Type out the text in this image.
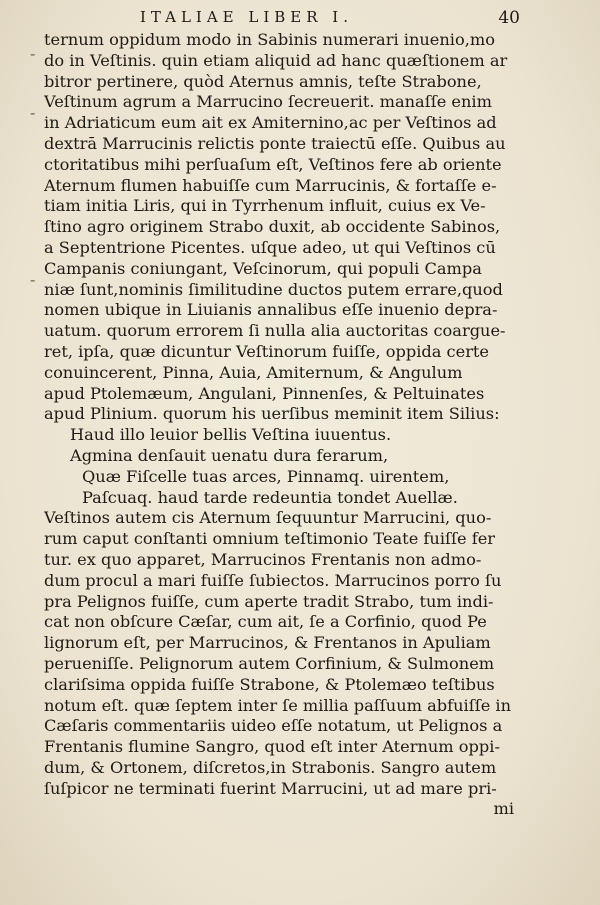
ITALIAE LIBER I.	40
-
-
-
ternum oppidum modo in Sabinis numerari inuenio,mo
do in Veſtinis. quin etiam aliquid ad hanc quæſtionem ar
bitror pertinere, quòd Aternus amnis, teſte Strabone,
Veſtinum agrum a Marrucino ſecreuerit. manaſſe enim
in Adriaticum eum ait ex Amiternino,ac per Veſtinos ad
dextrā Marrucinis relictis ponte traiectū eſſe. Quibus au
ctoritatibus mihi perſuaſum eſt, Veſtinos fere ab oriente
Aternum flumen habuiſſe cum Marrucinis, & fortaſſe e-
tiam initia Liris, qui in Tyrrhenum influit, cuius ex Ve-
ſtino agro originem Strabo duxit, ab occidente Sabinos,
a Septentrione Picentes. uſque adeo, ut qui Veſtinos cū
Campanis coniungant, Veſcinorum, qui populi Campa
niæ ſunt,nominis ſimilitudine ductos putem errare,quod
nomen ubique in Liuianis annalibus eſſe inuenio depra-
uatum. quorum errorem ſi nulla alia auctoritas coargue-
ret, ipſa, quæ dicuntur Veſtinorum fuiſſe, oppida certe
conuincerent, Pinna, Auia, Amiternum, & Angulum
apud Ptolemæum, Angulani, Pinnenſes, & Peltuinates
apud Plinium. quorum his uerſibus meminit item Silius:
Haud illo leuior bellis Veſtina iuuentus.
Agmina denſauit uenatu dura ferarum,
Quæ Fiſcelle tuas arces, Pinnamq. uirentem,
Paſcuaq. haud tarde redeuntia tondet Auellæ.
Veſtinos autem cis Aternum ſequuntur Marrucini, quo-
rum caput conſtanti omnium teſtimonio Teate fuiſſe fer
tur. ex quo apparet, Marrucinos Frentanis non admo-
dum procul a mari fuiſſe ſubiectos. Marrucinos porro ſu
pra Pelignos fuiſſe, cum aperte tradit Strabo, tum indi-
cat non obſcure Cæſar, cum ait, ſe a Corfinio, quod Pe
lignorum eſt, per Marrucinos, & Frentanos in Apuliam
perueniſſe. Pelignorum autem Corfinium, & Sulmonem
clariſsima oppida fuiſſe Strabone, & Ptolemæo teſtibus
notum eſt. quæ ſeptem inter ſe millia paſſuum abfuiſſe in
Cæſaris commentariis uideo eſſe notatum, ut Pelignos a
Frentanis flumine Sangro, quod eſt inter Aternum oppi-
dum, & Ortonem, diſcretos,in Strabonis. Sangro autem
ſuſpicor ne terminati fuerint Marrucini, ut ad mare pri-
mi
